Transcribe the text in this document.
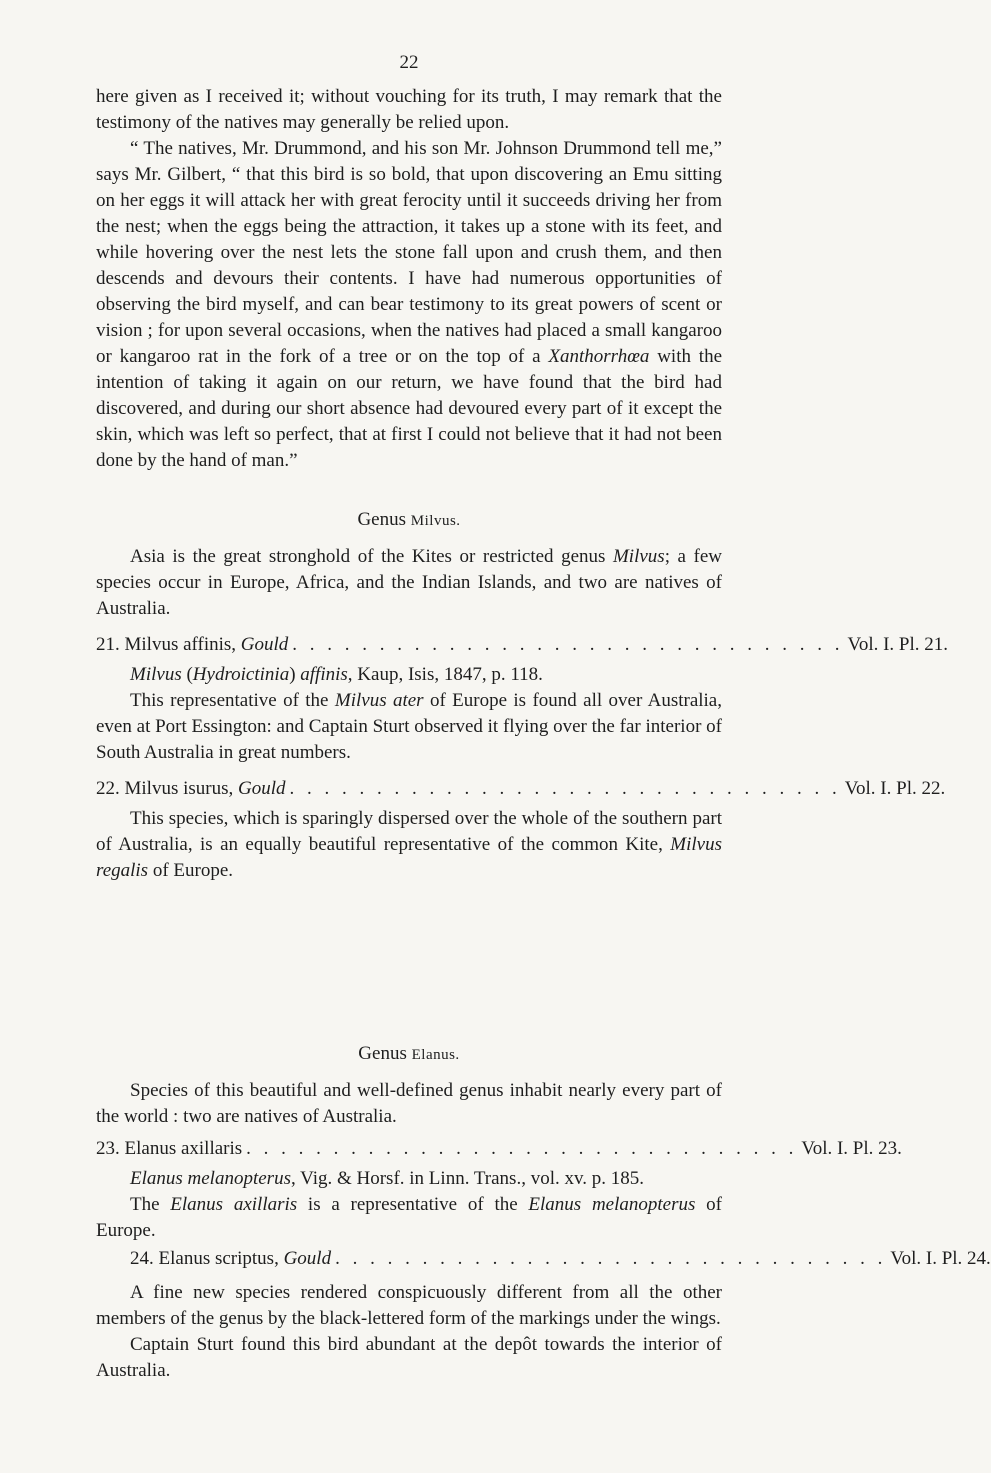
22

here given as I received it; without vouching for its truth, I may remark that the testimony of the natives may generally be relied upon.

“ The natives, Mr. Drummond, and his son Mr. Johnson Drummond tell me,” says Mr. Gilbert, “ that this bird is so bold, that upon discovering an Emu sitting on her eggs it will attack her with great ferocity until it succeeds driving her from the nest; when the eggs being the attraction, it takes up a stone with its feet, and while hovering over the nest lets the stone fall upon and crush them, and then descends and devours their contents. I have had numerous opportunities of observing the bird myself, and can bear testimony to its great powers of scent or vision ; for upon several occasions, when the natives had placed a small kangaroo or kangaroo rat in the fork of a tree or on the top of a Xanthorrhœa with the intention of taking it again on our return, we have found that the bird had discovered, and during our short absence had devoured every part of it except the skin, which was left so perfect, that at first I could not believe that it had not been done by the hand of man.”

Genus Milvus.

Asia is the great stronghold of the Kites or restricted genus Milvus; a few species occur in Europe, Africa, and the Indian Islands, and two are natives of Australia.

21. Milvus affinis, Gould . . . . . . . . . . . . . . . . . . . . . . . . . . . . . . . . Vol. I. Pl. 21.

Milvus (Hydroictinia) affinis, Kaup, Isis, 1847, p. 118.

This representative of the Milvus ater of Europe is found all over Australia, even at Port Essington: and Captain Sturt observed it flying over the far interior of South Australia in great numbers.

22. Milvus isurus, Gould . . . . . . . . . . . . . . . . . . . . . . . . . . . . . . . . Vol. I. Pl. 22.

This species, which is sparingly dispersed over the whole of the southern part of Australia, is an equally beautiful representative of the common Kite, Milvus regalis of Europe.

Genus Elanus.

Species of this beautiful and well-defined genus inhabit nearly every part of the world : two are natives of Australia.

23. Elanus axillaris . . . . . . . . . . . . . . . . . . . . . . . . . . . . . . . . Vol. I. Pl. 23.

Elanus melanopterus, Vig. & Horsf. in Linn. Trans., vol. xv. p. 185.

The Elanus axillaris is a representative of the Elanus melanopterus of Europe.

24. Elanus scriptus, Gould . . . . . . . . . . . . . . . . . . . . . . . . . . . . . . . . Vol. I. Pl. 24.

A fine new species rendered conspicuously different from all the other members of the genus by the black-lettered form of the markings under the wings.

Captain Sturt found this bird abundant at the depôt towards the interior of Australia.
